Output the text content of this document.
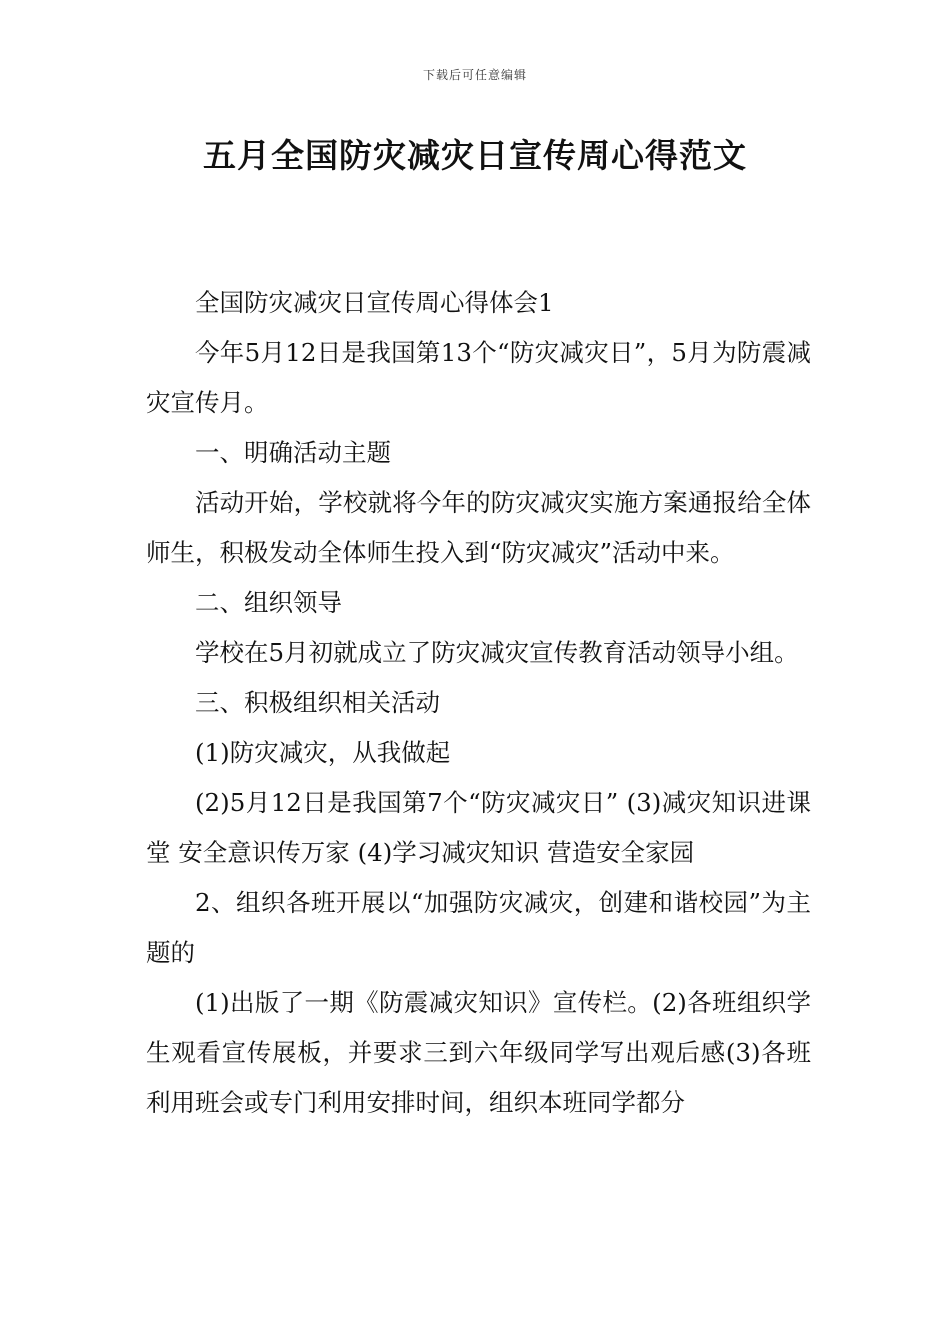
下载后可任意编辑
五月全国防灾减灾日宣传周心得范文

全国防灾减灾日宣传周心得体会1

今年5月12日是我国第13个“防灾减灾日”，5月为防震减灾宣传月。

一、明确活动主题

活动开始，学校就将今年的防灾减灾实施方案通报给全体师生，积极发动全体师生投入到“防灾减灾”活动中来。

二、组织领导

学校在5月初就成立了防灾减灾宣传教育活动领导小组。

三、积极组织相关活动

(1)防灾减灾，从我做起

(2)5月12日是我国第7个“防灾减灾日” (3)减灾知识进课堂 安全意识传万家 (4)学习减灾知识 营造安全家园

2、组织各班开展以“加强防灾减灾，创建和谐校园”为主题的

(1)出版了一期《防震减灾知识》宣传栏。(2)各班组织学生观看宣传展板，并要求三到六年级同学写出观后感(3)各班利用班会或专门利用安排时间，组织本班同学都分
